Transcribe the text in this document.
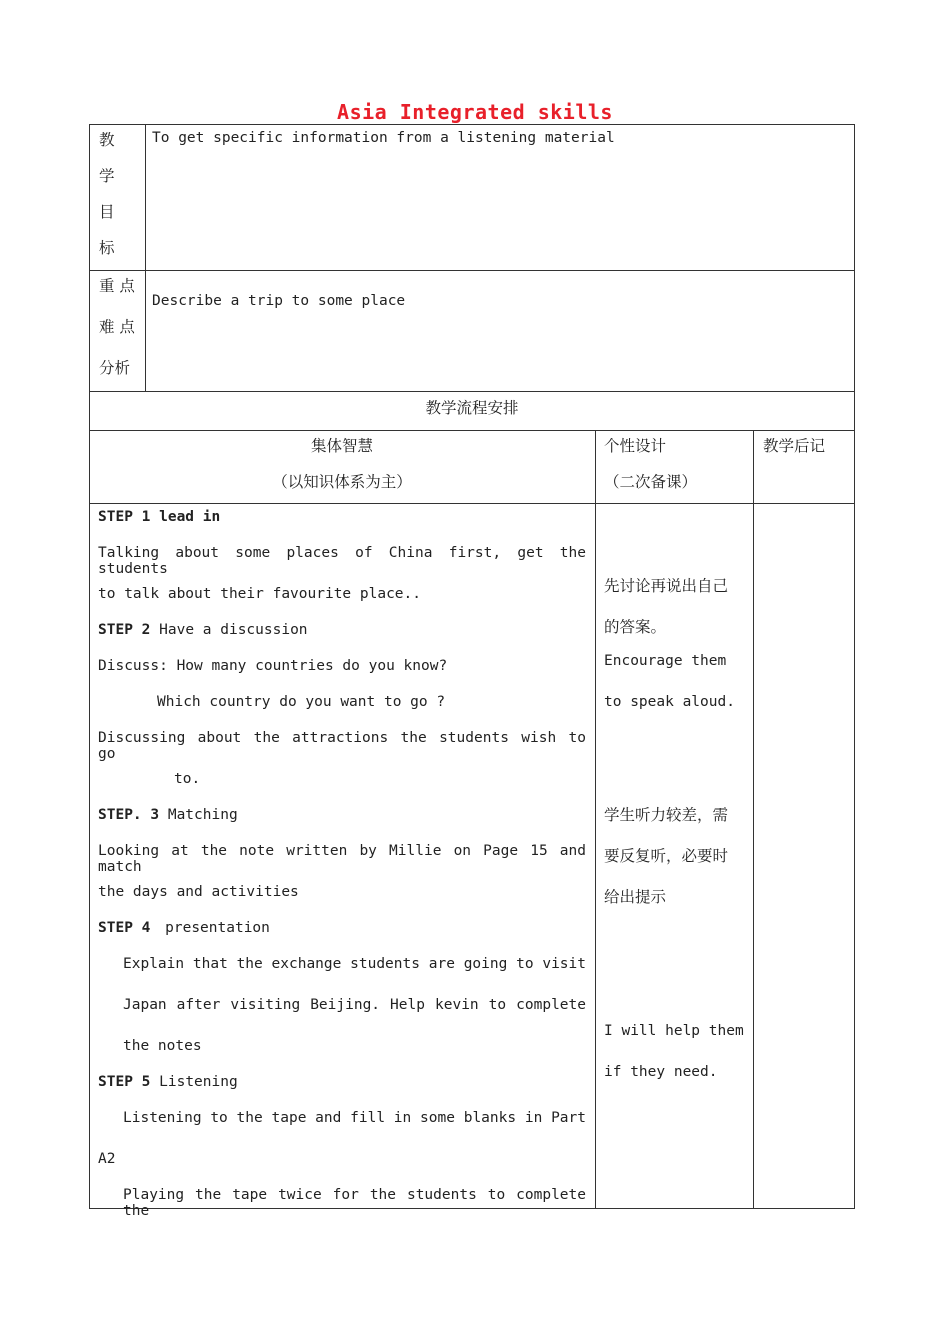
Asia Integrated skills
教
学
目
标
To get specific information from a listening material
重 点
难 点
分析
Describe a trip to some place
教学流程安排
集体智慧
（以知识体系为主）
个性设计
（二次备课）
教学后记
STEP 1 lead in
Talking about some places of China first, get the students
to talk about their favourite place..
STEP 2 Have a discussion
Discuss: How many countries do you know?
Which country do you want to go ?
Discussing about the attractions the students wish to go
to.
STEP. 3 Matching
Looking at the note written by Millie on Page 15 and match
the days and activities
STEP 4 presentation
Explain that the exchange students are going to visit
Japan after visiting Beijing. Help kevin to complete
the notes
STEP 5 Listening
Listening to the tape and fill in some blanks in Part
A2
Playing the tape twice for the students to complete the
先讨论再说出自己
的答案。
Encourage them
to speak aloud.
学生听力较差，需
要反复听，必要时
给出提示
I will help them
if they need.
